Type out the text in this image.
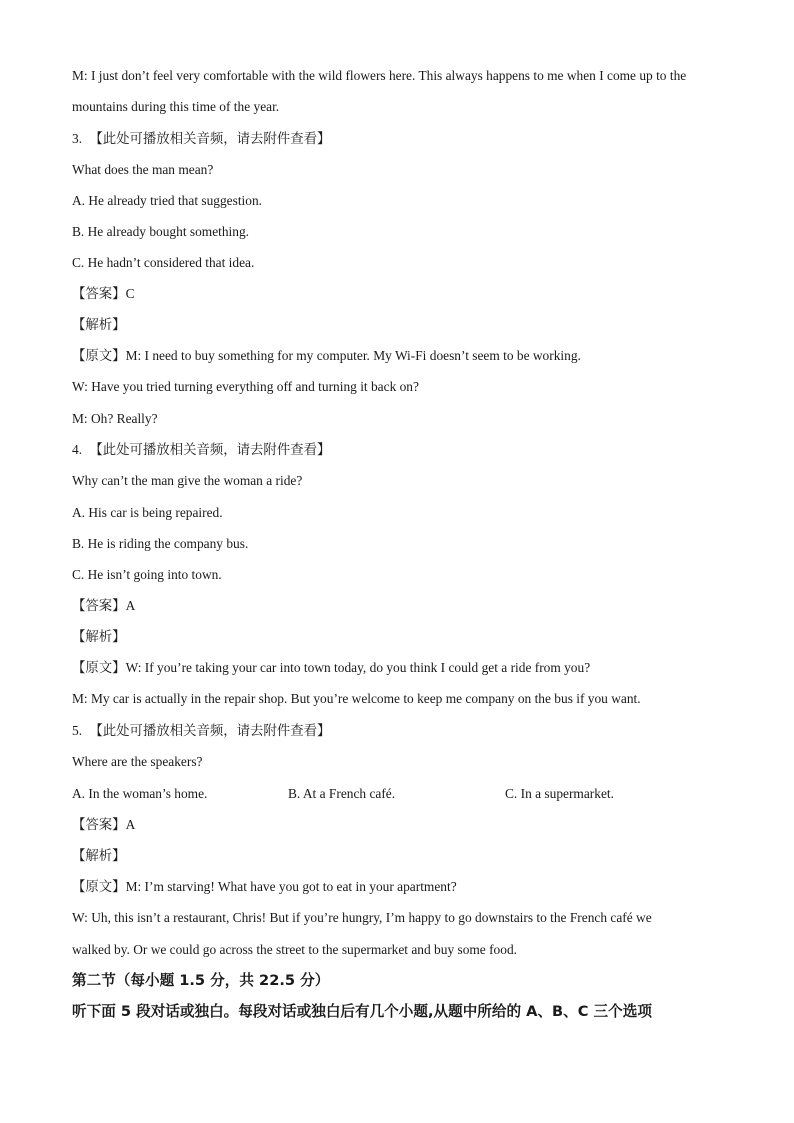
M: I just don’t feel very comfortable with the wild flowers here. This always happens to me when I come up to the
mountains during this time of the year.
3. 【此处可播放相关音频，请去附件查看】
What does the man mean?
A. He already tried that suggestion.
B. He already bought something.
C. He hadn’t considered that idea.
【答案】C
【解析】
【原文】M: I need to buy something for my computer. My Wi-Fi doesn’t seem to be working.
W: Have you tried turning everything off and turning it back on?
M: Oh? Really?
4. 【此处可播放相关音频，请去附件查看】
Why can’t the man give the woman a ride?
A. His car is being repaired.
B. He is riding the company bus.
C. He isn’t going into town.
【答案】A
【解析】
【原文】W: If you’re taking your car into town today, do you think I could get a ride from you?
M: My car is actually in the repair shop. But you’re welcome to keep me company on the bus if you want.
5. 【此处可播放相关音频，请去附件查看】
Where are the speakers?
A. In the woman’s home.	B. At a French café.	C. In a supermarket.
【答案】A
【解析】
【原文】M: I’m starving! What have you got to eat in your apartment?
W: Uh, this isn’t a restaurant, Chris! But if you’re hungry, I’m happy to go downstairs to the French café we
walked by. Or we could go across the street to the supermarket and buy some food.
第二节（每小题 1.5 分，共 22.5 分）
听下面 5 段对话或独白。每段对话或独白后有几个小题,从题中所给的 A、B、C 三个选项
